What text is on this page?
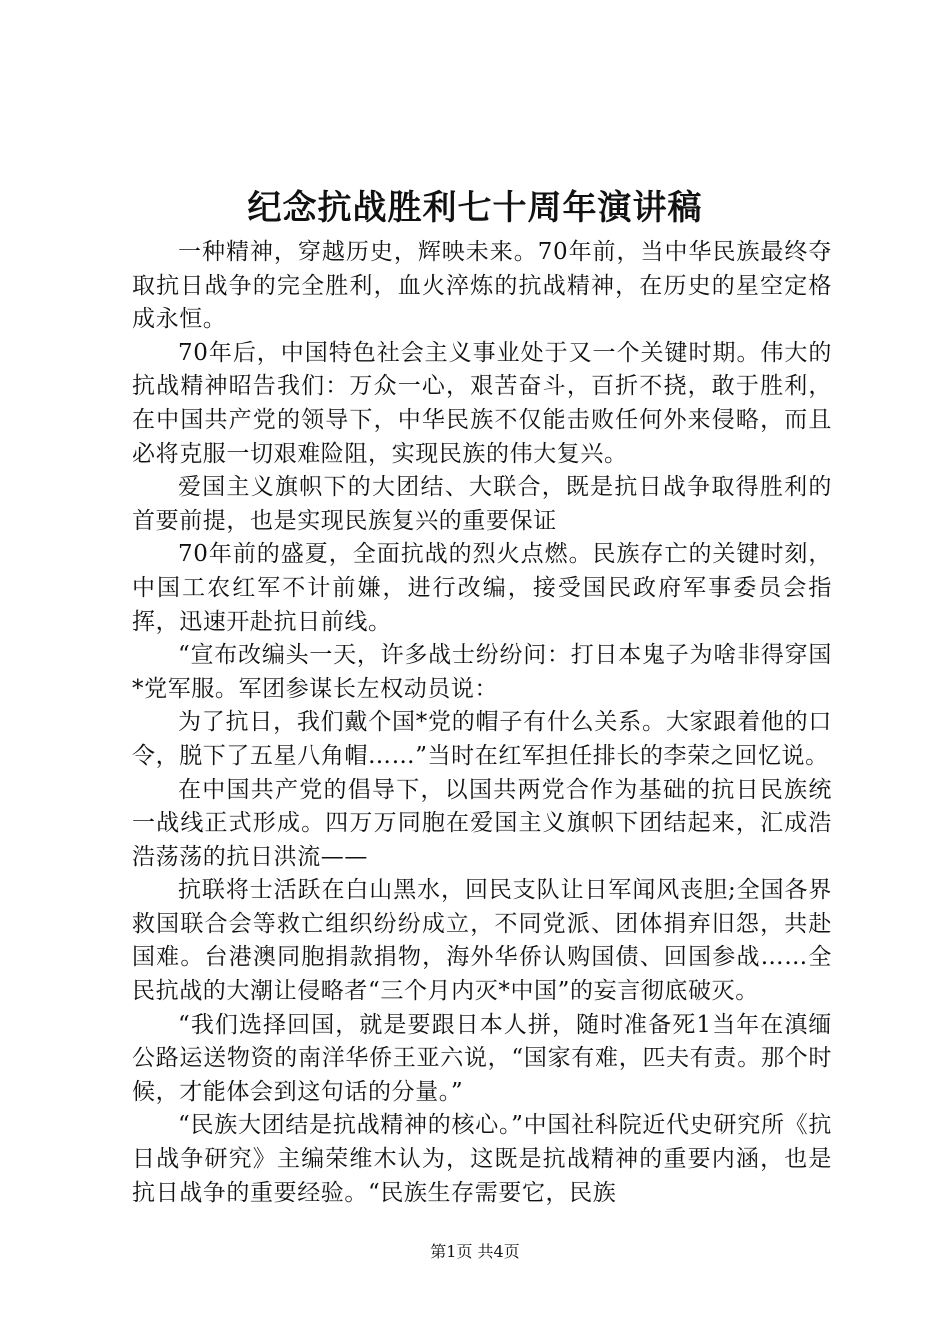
纪念抗战胜利七十周年演讲稿

一种精神，穿越历史，辉映未来。70年前，当中华民族最终夺取抗日战争的完全胜利，血火淬炼的抗战精神，在历史的星空定格成永恒。

70年后，中国特色社会主义事业处于又一个关键时期。伟大的抗战精神昭告我们：万众一心，艰苦奋斗，百折不挠，敢于胜利，在中国共产党的领导下，中华民族不仅能击败任何外来侵略，而且必将克服一切艰难险阻，实现民族的伟大复兴。

爱国主义旗帜下的大团结、大联合，既是抗日战争取得胜利的首要前提，也是实现民族复兴的重要保证

70年前的盛夏，全面抗战的烈火点燃。民族存亡的关键时刻，中国工农红军不计前嫌，进行改编，接受国民政府军事委员会指挥，迅速开赴抗日前线。

“宣布改编头一天，许多战士纷纷问：打日本鬼子为啥非得穿国*党军服。军团参谋长左权动员说：

为了抗日，我们戴个国*党的帽子有什么关系。大家跟着他的口令，脱下了五星八角帽……”当时在红军担任排长的李荣之回忆说。

在中国共产党的倡导下，以国共两党合作为基础的抗日民族统一战线正式形成。四万万同胞在爱国主义旗帜下团结起来，汇成浩浩荡荡的抗日洪流——

抗联将士活跃在白山黑水，回民支队让日军闻风丧胆;全国各界救国联合会等救亡组织纷纷成立，不同党派、团体捐弃旧怨，共赴国难。台港澳同胞捐款捐物，海外华侨认购国债、回国参战……全民抗战的大潮让侵略者“三个月内灭*中国”的妄言彻底破灭。

“我们选择回国，就是要跟日本人拼，随时准备死1当年在滇缅公路运送物资的南洋华侨王亚六说，“国家有难，匹夫有责。那个时候，才能体会到这句话的分量。”

“民族大团结是抗战精神的核心。”中国社科院近代史研究所《抗日战争研究》主编荣维木认为，这既是抗战精神的重要内涵，也是抗日战争的重要经验。“民族生存需要它，民族

第1页 共4页
